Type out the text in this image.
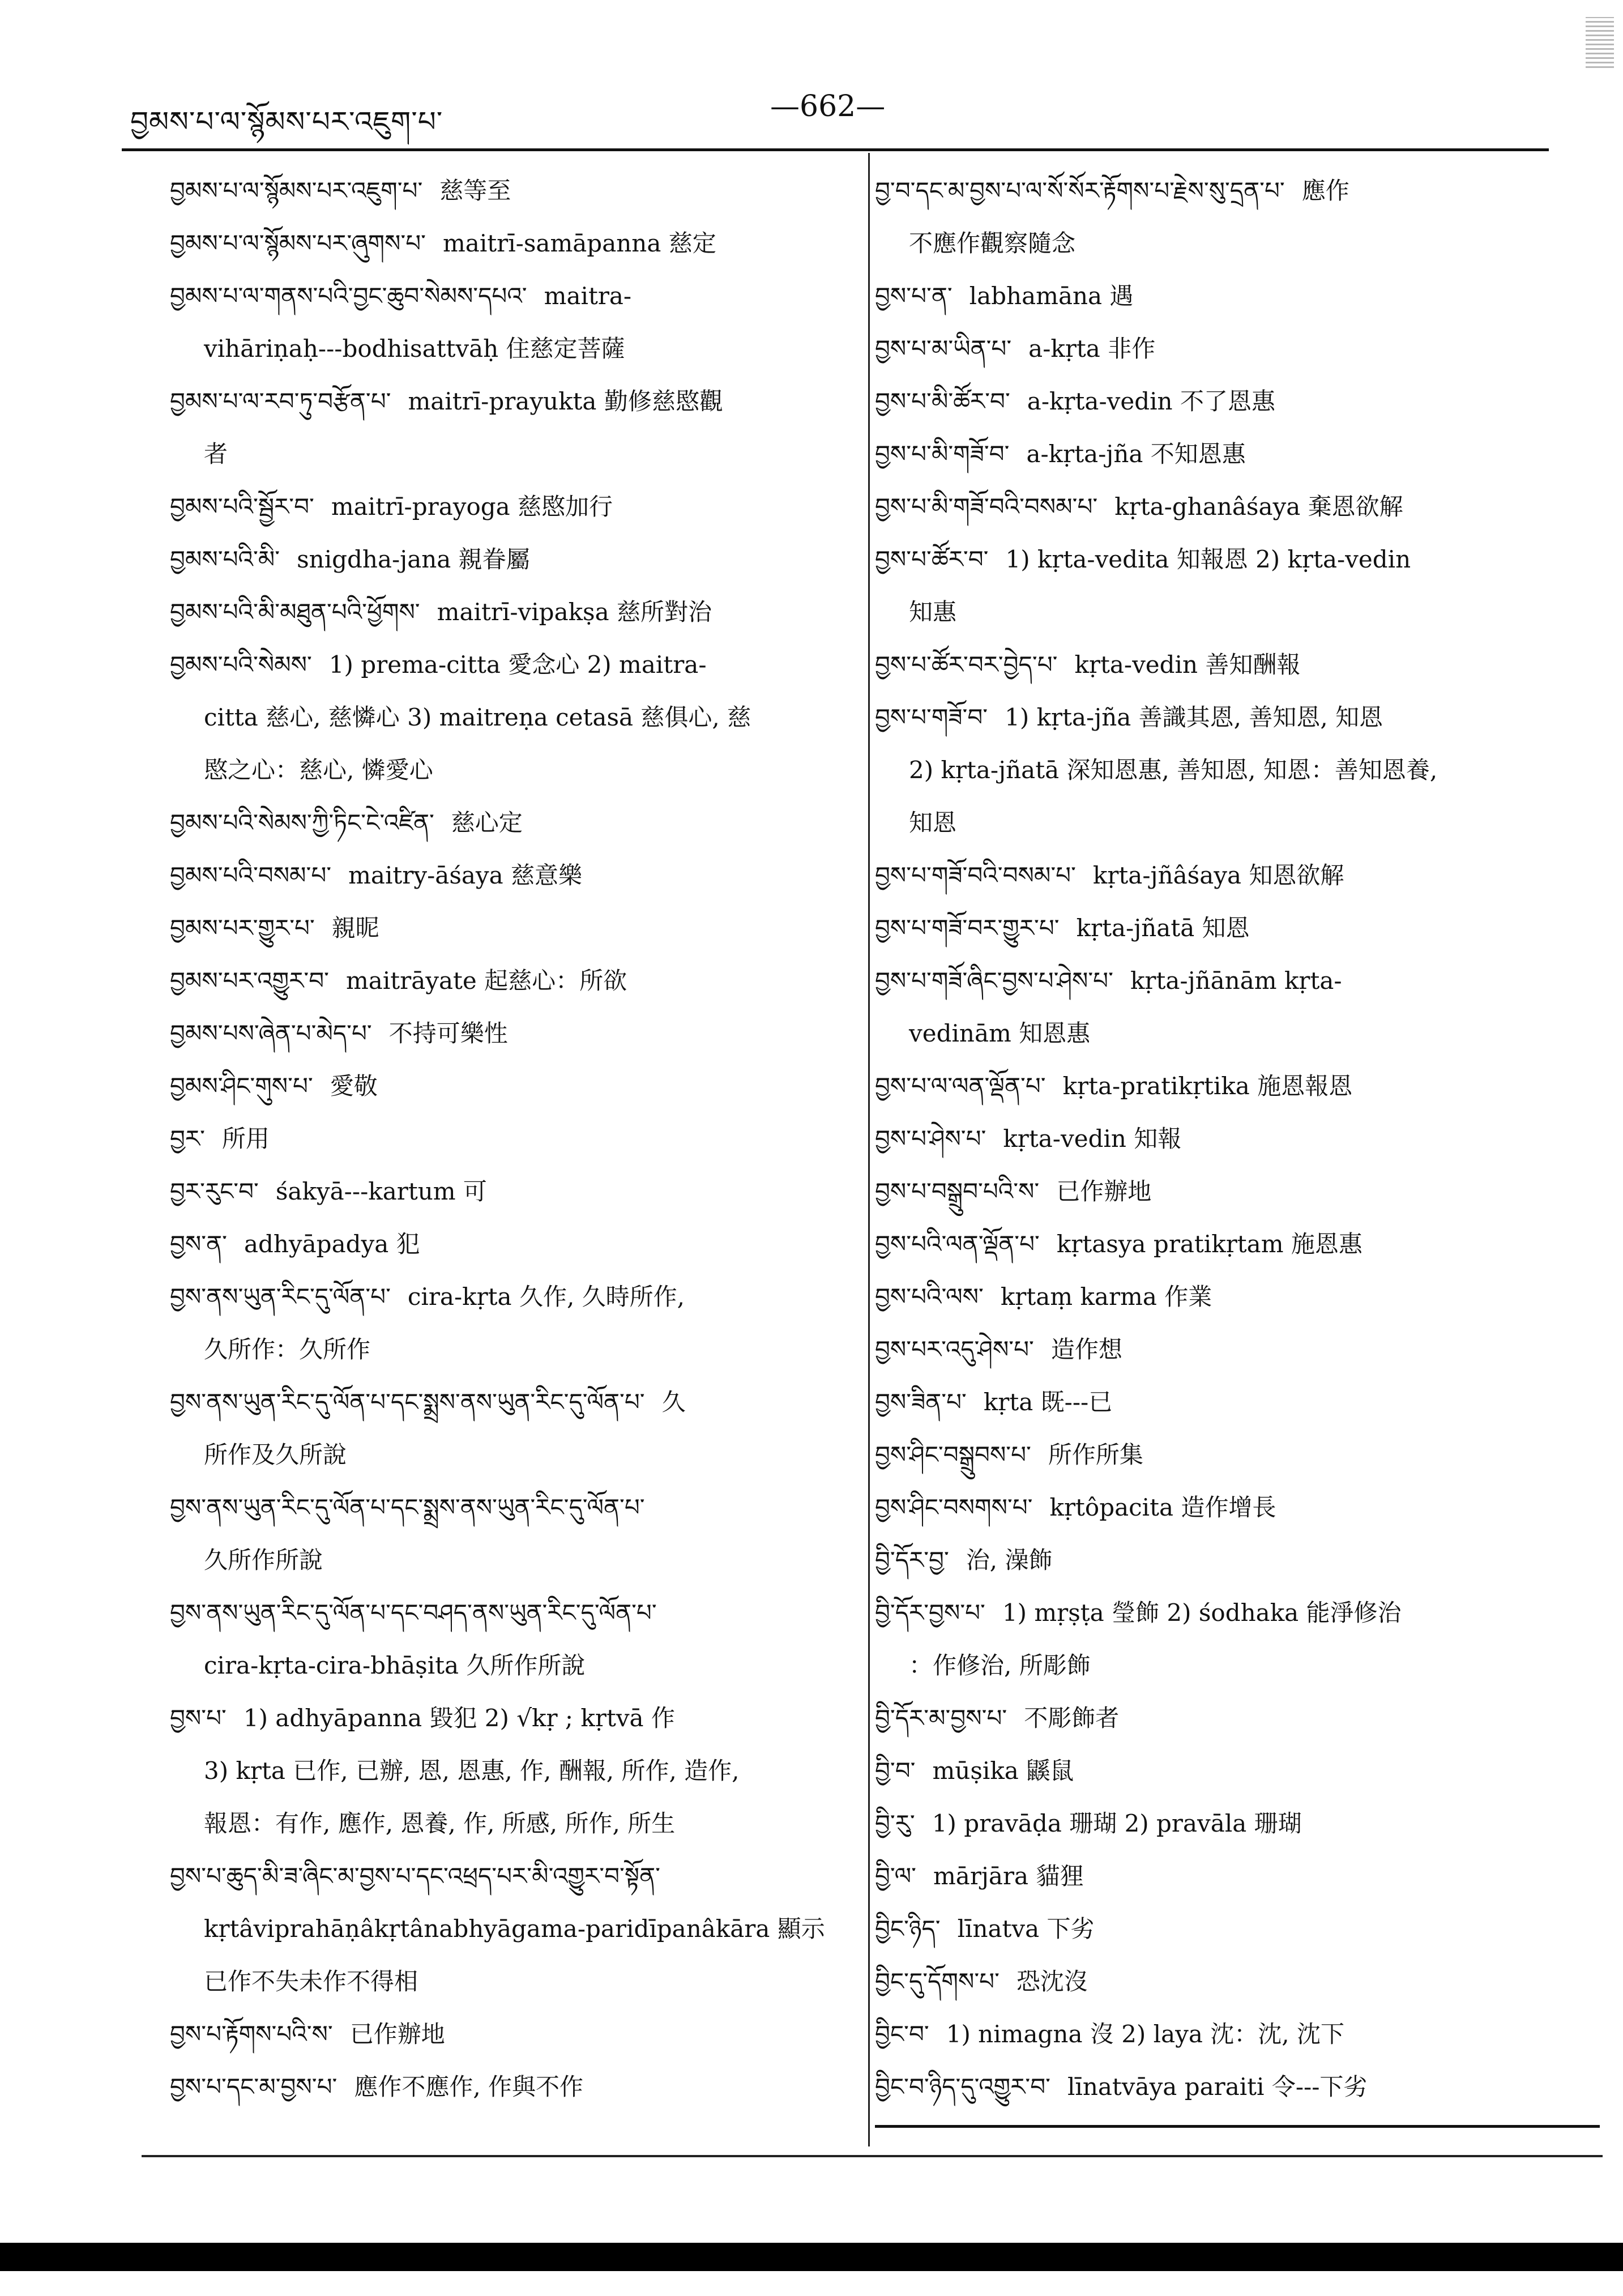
བྱམས་པ་ལ་སྙོམས་པར་འཇུག་པ་	—662—
བྱམས་པ་ལ་སྙོམས་པར་འཇུག་པ་ 慈等至
བྱམས་པ་ལ་སྙོམས་པར་ཞུགས་པ་ maitrī-samāpanna 慈定
བྱམས་པ་ལ་གནས་པའི་བྱང་ཆུབ་སེམས་དཔའ་ maitra-
vihāriṇaḥ---bodhisattvāḥ 住慈定菩薩
བྱམས་པ་ལ་རབ་ཏུ་བརྩོན་པ་ maitrī-prayukta 勤修慈愍觀
者
བྱམས་པའི་སྦྱོར་བ་ maitrī-prayoga 慈愍加行
བྱམས་པའི་མི་ snigdha-jana 親眷屬
བྱམས་པའི་མི་མཐུན་པའི་ཕྱོགས་ maitrī-vipakṣa 慈所對治
བྱམས་པའི་སེམས་ 1) prema-citta 愛念心 2) maitra-
citta 慈心, 慈憐心 3) maitreṇa cetasā 慈俱心, 慈
愍之心：慈心, 憐愛心
བྱམས་པའི་སེམས་ཀྱི་ཏིང་ངེ་འཛིན་ 慈心定
བྱམས་པའི་བསམ་པ་ maitry-āśaya 慈意樂
བྱམས་པར་གྱུར་པ་ 親昵
བྱམས་པར་འགྱུར་བ་ maitrāyate 起慈心：所欲
བྱམས་པས་ཞེན་པ་མེད་པ་ 不持可樂性
བྱམས་ཤིང་གུས་པ་ 愛敬
བྱར་ 所用
བྱར་རུང་བ་ śakyā---kartum 可
བྱས་ན་ adhyāpadya 犯
བྱས་ནས་ཡུན་རིང་དུ་ལོན་པ་ cira-kṛta 久作, 久時所作,
久所作：久所作
བྱས་ནས་ཡུན་རིང་དུ་ལོན་པ་དང་སྨྲས་ནས་ཡུན་རིང་དུ་ལོན་པ་ 久
所作及久所說
བྱས་ནས་ཡུན་རིང་དུ་ལོན་པ་དང་སྨྲས་ནས་ཡུན་རིང་དུ་ལོན་པ་
久所作所說
བྱས་ནས་ཡུན་རིང་དུ་ལོན་པ་དང་བཤད་ནས་ཡུན་རིང་དུ་ལོན་པ་
cira-kṛta-cira-bhāṣita 久所作所說
བྱས་པ་ 1) adhyāpanna 毀犯 2) √kṛ ; kṛtvā 作
3) kṛta 已作, 已辦, 恩, 恩惠, 作, 酬報, 所作, 造作,
報恩：有作, 應作, 恩養, 作, 所感, 所作, 所生
བྱས་པ་ཆུད་མི་ཟ་ཞིང་མ་བྱས་པ་དང་འཕྲད་པར་མི་འགྱུར་བ་སྟོན་
kṛtâviprahāṇâkṛtânabhyāgama-paridīpanâkāra 顯示
已作不失未作不得相
བྱས་པ་རྟོགས་པའི་ས་ 已作辦地
བྱས་པ་དང་མ་བྱས་པ་ 應作不應作, 作與不作
བྱ་བ་དང་མ་བྱས་པ་ལ་སོ་སོར་རྟོགས་པ་རྗེས་སུ་དྲན་པ་ 應作
不應作觀察隨念
བྱས་པ་ན་ labhamāna 遇
བྱས་པ་མ་ཡིན་པ་ a-kṛta 非作
བྱས་པ་མི་ཚོར་བ་ a-kṛta-vedin 不了恩惠
བྱས་པ་མི་གཟོ་བ་ a-kṛta-jña 不知恩惠
བྱས་པ་མི་གཟོ་བའི་བསམ་པ་ kṛta-ghanâśaya 棄恩欲解
བྱས་པ་ཚོར་བ་ 1) kṛta-vedita 知報恩 2) kṛta-vedin
知惠
བྱས་པ་ཚོར་བར་བྱེད་པ་ kṛta-vedin 善知酬報
བྱས་པ་གཟོ་བ་ 1) kṛta-jña 善識其恩, 善知恩, 知恩
2) kṛta-jñatā 深知恩惠, 善知恩, 知恩：善知恩養,
知恩
བྱས་པ་གཟོ་བའི་བསམ་པ་ kṛta-jñâśaya 知恩欲解
བྱས་པ་གཟོ་བར་གྱུར་པ་ kṛta-jñatā 知恩
བྱས་པ་གཟོ་ཞིང་བྱས་པ་ཤེས་པ་ kṛta-jñānām kṛta-
vedinām 知恩惠
བྱས་པ་ལ་ལན་ལྡོན་པ་ kṛta-pratikṛtika 施恩報恩
བྱས་པ་ཤེས་པ་ kṛta-vedin 知報
བྱས་པ་བསྒྲུབ་པའི་ས་ 已作辦地
བྱས་པའི་ལན་ལྡོན་པ་ kṛtasya pratikṛtam 施恩惠
བྱས་པའི་ལས་ kṛtaṃ karma 作業
བྱས་པར་འདུ་ཤེས་པ་ 造作想
བྱས་ཟིན་པ་ kṛta 既---已
བྱས་ཤིང་བསྒྲུབས་པ་ 所作所集
བྱས་ཤིང་བསགས་པ་ kṛtôpacita 造作增長
བྱི་དོར་བྱ་ 治, 澡飾
བྱི་དོར་བྱས་པ་ 1) mṛṣṭa 瑩飾 2) śodhaka 能淨修治
：作修治, 所彫飾
བྱི་དོར་མ་བྱས་པ་ 不彫飾者
བྱི་བ་ mūṣika 鼷鼠
བྱི་རུ་ 1) pravāḍa 珊瑚 2) pravāla 珊瑚
བྱི་ལ་ mārjāra 貓狸
བྱིང་ཉིད་ līnatva 下劣
བྱིང་དུ་དོགས་པ་ 恐沈沒
བྱིང་བ་ 1) nimagna 沒 2) laya 沈：沈, 沈下
བྱིང་བ་ཉིད་དུ་འགྱུར་བ་ līnatvāya paraiti 令---下劣
